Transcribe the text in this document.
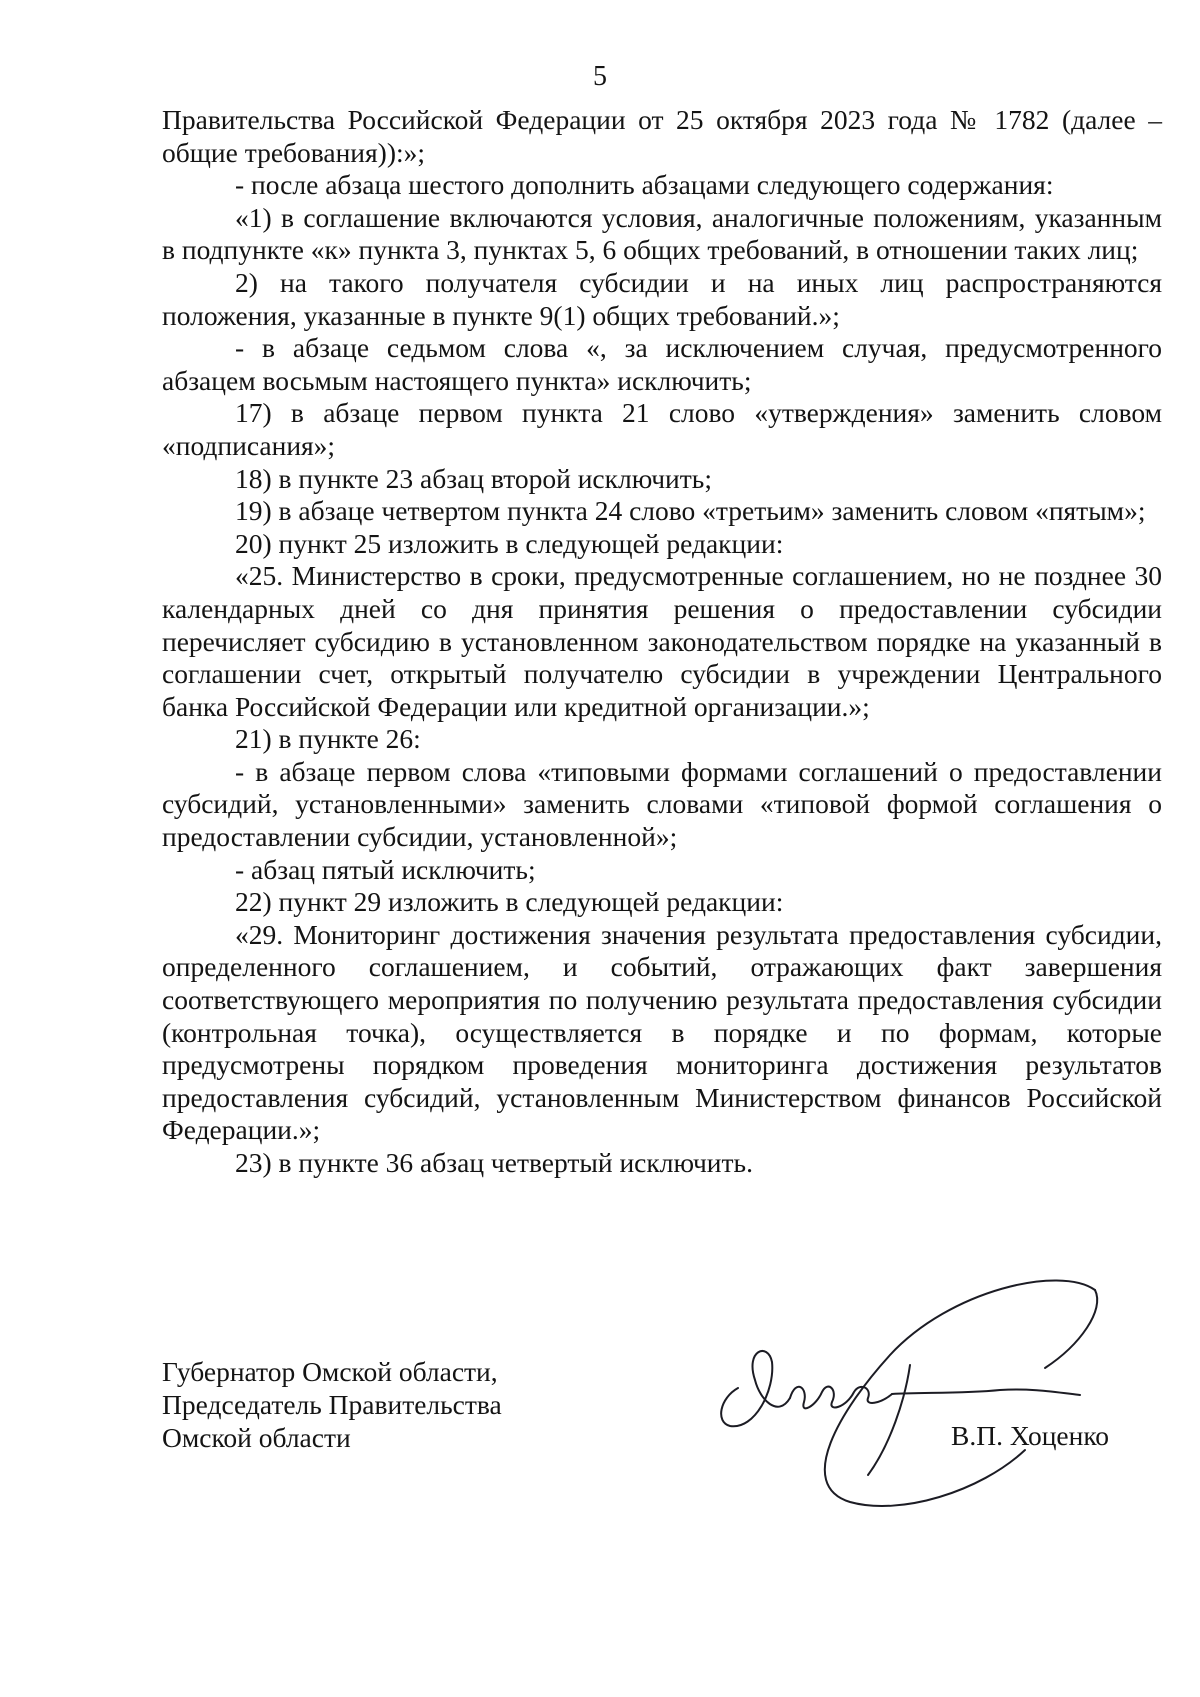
5

Правительства Российской Федерации от 25 октября 2023 года № 1782 (далее – общие требования)):»;

- после абзаца шестого дополнить абзацами следующего содержания:

«1) в соглашение включаются условия, аналогичные положениям, указанным в подпункте «к» пункта 3, пунктах 5, 6 общих требований, в отношении таких лиц;

2) на такого получателя субсидии и на иных лиц распространяются положения, указанные в пункте 9(1) общих требований.»;

- в абзаце седьмом слова «, за исключением случая, предусмотренного абзацем восьмым настоящего пункта» исключить;

17) в абзаце первом пункта 21 слово «утверждения» заменить словом «подписания»;

18) в пункте 23 абзац второй исключить;

19) в абзаце четвертом пункта 24 слово «третьим» заменить словом «пятым»;

20) пункт 25 изложить в следующей редакции:

«25. Министерство в сроки, предусмотренные соглашением, но не позднее 30 календарных дней со дня принятия решения о предоставлении субсидии перечисляет субсидию в установленном законодательством порядке на указанный в соглашении счет, открытый получателю субсидии в учреждении Центрального банка Российской Федерации или кредитной организации.»;

21) в пункте 26:

- в абзаце первом слова «типовыми формами соглашений о предоставлении субсидий, установленными» заменить словами «типовой формой соглашения о предоставлении субсидии, установленной»;

- абзац пятый исключить;

22) пункт 29 изложить в следующей редакции:

«29. Мониторинг достижения значения результата предоставления субсидии, определенного соглашением, и событий, отражающих факт завершения соответствующего мероприятия по получению результата предоставления субсидии (контрольная точка), осуществляется в порядке и по формам, которые предусмотрены порядком проведения мониторинга достижения результатов предоставления субсидий, установленным Министерством финансов Российской Федерации.»;

23) в пункте 36 абзац четвертый исключить.

Губернатор Омской области,
Председатель Правительства
Омской области	В.П. Хоценко
